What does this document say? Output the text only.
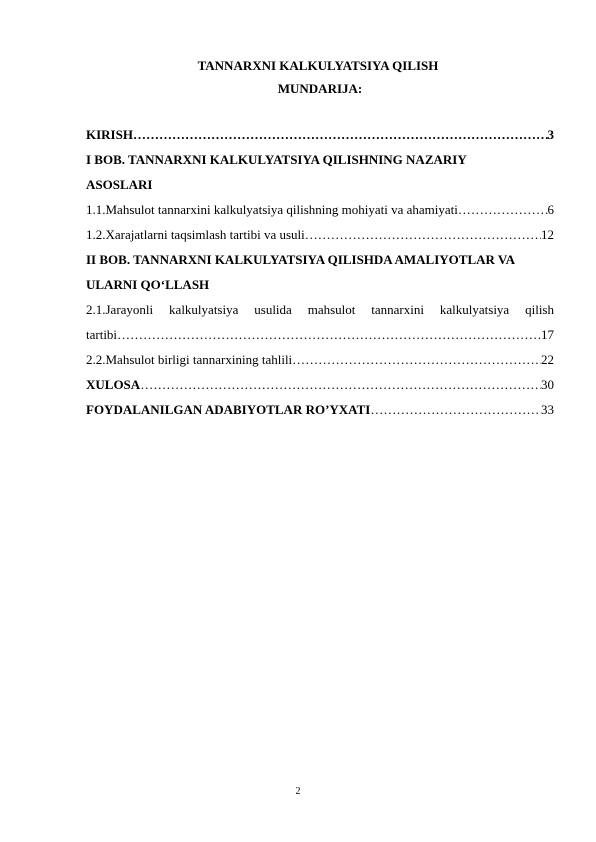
TANNARXNI KALKULYATSIYA QILISH
MUNDARIJA:
KIRISH ……………………………………………………………………………………………………………………………………………………………………………………………………………………	3
I BOB. TANNARXNI KALKULYATSIYA QILISHNING NAZARIY
ASOSLARI
1.1.Mahsulot tannarxini kalkulyatsiya qilishning mohiyati va ahamiyati ……………………………………………………………………………………………………………………………………………………………………………………………………………………	6
1.2.Xarajatlarni taqsimlash tartibi va usuli ……………………………………………………………………………………………………………………………………………………………………………………………………………………	12
II BOB. TANNARXNI KALKULYATSIYA QILISHDA AMALIYOTLAR VA
ULARNI QO‘LLASH
2.1.Jarayonli kalkulyatsiya usulida mahsulot tannarxini kalkulyatsiya qilish
tartibi ……………………………………………………………………………………………………………………………………………………………………………………………………………………	17
2.2.Mahsulot birligi tannarxining tahlili ……………………………………………………………………………………………………………………………………………………………………………………………………………………	22
XULOSA ……………………………………………………………………………………………………………………………………………………………………………………………………………………	30
FOYDALANILGAN ADABIYOTLAR RO’YXATI ……………………………………………………………………………………………………………………………………………………………………………………………………………………	33
2
